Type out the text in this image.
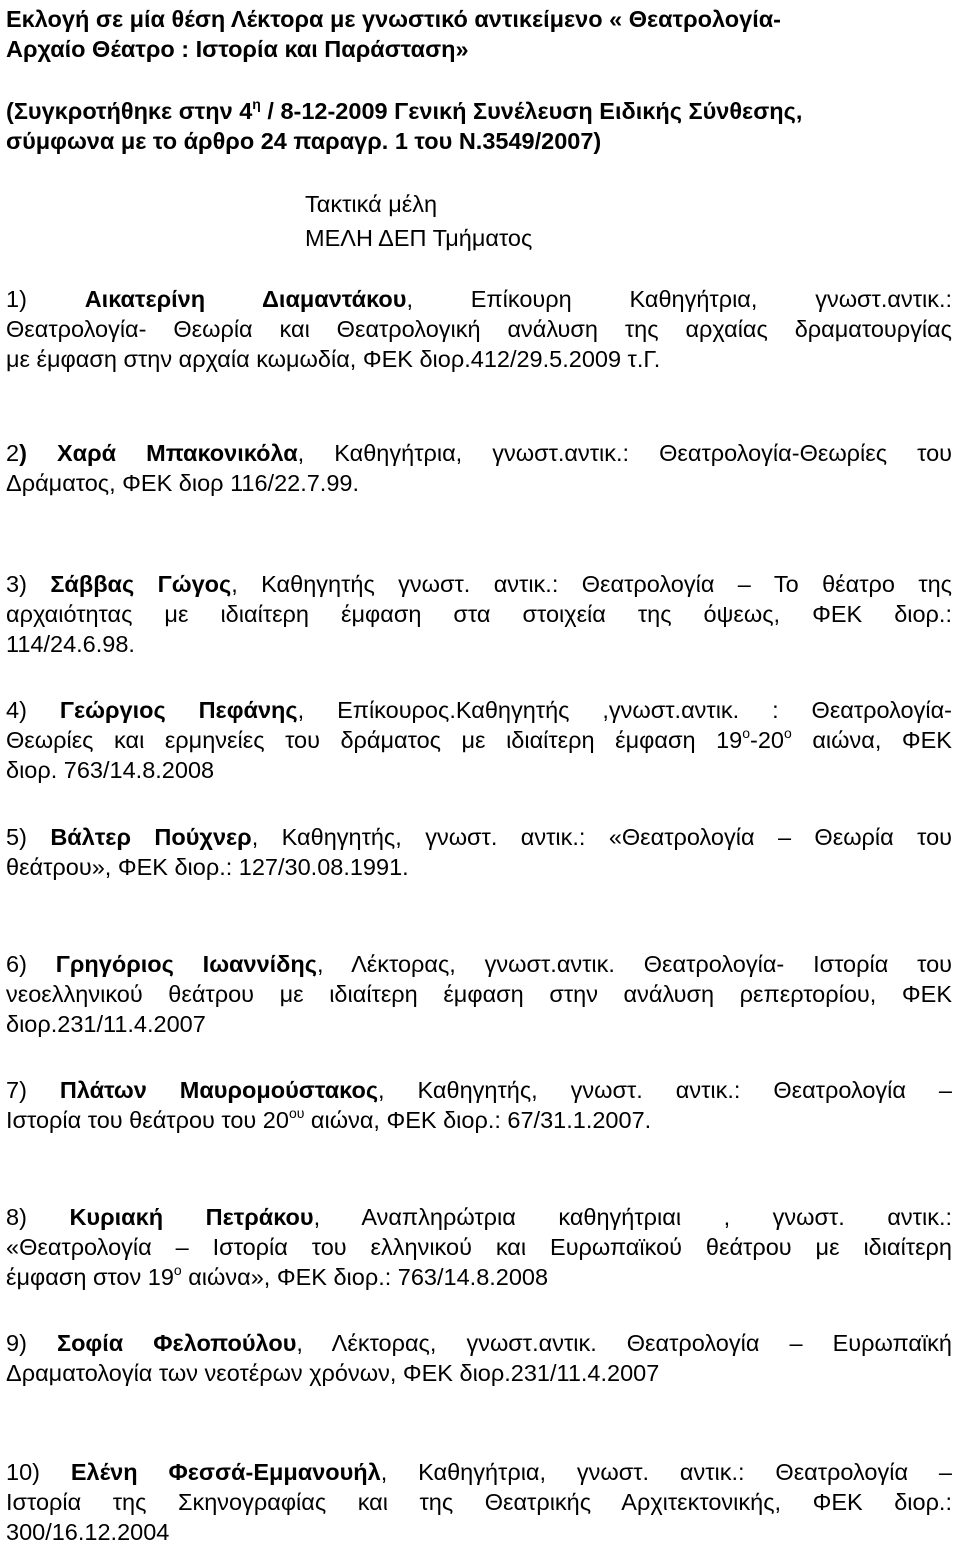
Εκλογή σε μία θέση Λέκτορα με γνωστικό αντικείμενο « Θεατρολογία-
Αρχαίο Θέατρο : Ιστορία και Παράσταση»
(Συγκροτήθηκε στην $4^\eta / 8-12-2009$ Γενική Συνέλευση Ειδικής Σύνθεσης,
σύμφωνα με το άρθρο 24 παραγρ. 1 του Ν.3549/2007)
Τακτικά μέλη
ΜΕΛΗ ΔΕΠ Τμήματος
1) Αικατερίνη Διαμαντάκου, Επίκουρη Καθηγήτρια, γνωστ.αντικ.:
Θεατρολογία- Θεωρία και Θεατρολογική ανάλυση της αρχαίας δραματουργίας
με έμφαση στην αρχαία κωμωδία, ΦΕΚ διορ.412/29.5.2009 τ.Γ.
2) Χαρά Μπακονικόλα, Καθηγήτρια, γνωστ.αντικ.: Θεατρολογία-Θεωρίες του
Δράματος, ΦΕΚ διορ 116/22.7.99.
3) Σάββας Γώγος, Καθηγητής γνωστ. αντικ.: Θεατρολογία – Το θέατρο της
αρχαιότητας με ιδιαίτερη έμφαση στα στοιχεία της όψεως, ΦΕΚ διορ.:
114/24.6.98.
4) Γεώργιος Πεφάνης, Επίκουρος.Καθηγητής ,γνωστ.αντικ. : Θεατρολογία-
Θεωρίες και ερμηνείες του δράματος με ιδιαίτερη έμφαση $19^o-20^o$ αιώνα, ΦΕΚ
διορ. 763/14.8.2008
5) Βάλτερ Πούχνερ, Καθηγητής, γνωστ. αντικ.: «Θεατρολογία – Θεωρία του
θεάτρου», ΦΕΚ διορ.: 127/30.08.1991.
6) Γρηγόριος Ιωαννίδης, Λέκτορας, γνωστ.αντικ. Θεατρολογία- Ιστορία του
νεοελληνικού θεάτρου με ιδιαίτερη έμφαση στην ανάλυση ρεπερτορίου, ΦΕΚ
διορ.231/11.4.2007
7) Πλάτων Μαυρομούστακος, Καθηγητής, γνωστ. αντικ.: Θεατρολογία –
Ιστορία του θεάτρου του $20^{o\upsilon}$ αιώνα, ΦΕΚ διορ.: 67/31.1.2007.
8) Κυριακή Πετράκου, Αναπληρώτρια καθηγήτριαι , γνωστ. αντικ.:
«Θεατρολογία – Ιστορία του ελληνικού και Ευρωπαϊκού θεάτρου με ιδιαίτερη
έμφαση στον $19^o$ αιώνα», ΦΕΚ διορ.: 763/14.8.2008
9) Σοφία Φελοπούλου, Λέκτορας, γνωστ.αντικ. Θεατρολογία – Ευρωπαϊκή
Δραματολογία των νεοτέρων χρόνων, ΦΕΚ διορ.231/11.4.2007
10) Ελένη Φεσσά-Εμμανουήλ, Καθηγήτρια, γνωστ. αντικ.: Θεατρολογία –
Ιστορία της Σκηνογραφίας και της Θεατρικής Αρχιτεκτονικής, ΦΕΚ διορ.:
300/16.12.2004
